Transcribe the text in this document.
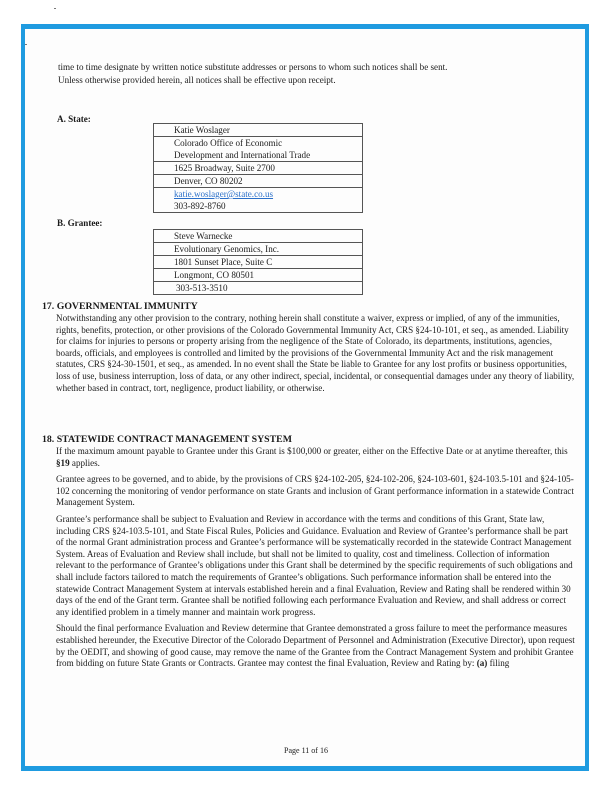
time to time designate by written notice substitute addresses or persons to whom such notices shall be sent.

Unless otherwise provided herein, all notices shall be effective upon receipt.

A. State:
Katie Woslager
Colorado Office of Economic
Development and International Trade
1625 Broadway, Suite 2700
Denver, CO 80202
katie.woslager@state.co.us
303-892-8760
B. Grantee:
Steve Warnecke
Evolutionary Genomics, Inc.
1801 Sunset Place, Suite C
Longmont, CO 80501
303-513-3510
17. GOVERNMENTAL IMMUNITY

Notwithstanding any other provision to the contrary, nothing herein shall constitute a waiver, express or implied, of any of the immunities, rights, benefits, protection, or other provisions of the Colorado Governmental Immunity Act, CRS §24-10-101, et seq., as amended. Liability for claims for injuries to persons or property arising from the negligence of the State of Colorado, its departments, institutions, agencies, boards, officials, and employees is controlled and limited by the provisions of the Governmental Immunity Act and the risk management statutes, CRS §24-30-1501, et seq., as amended. In no event shall the State be liable to Grantee for any lost profits or business opportunities, loss of use, business interruption, loss of data, or any other indirect, special, incidental, or consequential damages under any theory of liability, whether based in contract, tort, negligence, product liability, or otherwise.

18. STATEWIDE CONTRACT MANAGEMENT SYSTEM

If the maximum amount payable to Grantee under this Grant is $100,000 or greater, either on the Effective Date or at anytime thereafter, this §19 applies.

Grantee agrees to be governed, and to abide, by the provisions of CRS §24-102-205, §24-102-206, §24-103-601, §24-103.5-101 and §24-105-102 concerning the monitoring of vendor performance on state Grants and inclusion of Grant performance information in a statewide Contract Management System.

Grantee’s performance shall be subject to Evaluation and Review in accordance with the terms and conditions of this Grant, State law, including CRS §24-103.5-101, and State Fiscal Rules, Policies and Guidance. Evaluation and Review of Grantee’s performance shall be part of the normal Grant administration process and Grantee’s performance will be systematically recorded in the statewide Contract Management System. Areas of Evaluation and Review shall include, but shall not be limited to quality, cost and timeliness. Collection of information relevant to the performance of Grantee’s obligations under this Grant shall be determined by the specific requirements of such obligations and shall include factors tailored to match the requirements of Grantee’s obligations. Such performance information shall be entered into the statewide Contract Management System at intervals established herein and a final Evaluation, Review and Rating shall be rendered within 30 days of the end of the Grant term. Grantee shall be notified following each performance Evaluation and Review, and shall address or correct any identified problem in a timely manner and maintain work progress.

Should the final performance Evaluation and Review determine that Grantee demonstrated a gross failure to meet the performance measures established hereunder, the Executive Director of the Colorado Department of Personnel and Administration (Executive Director), upon request by the OEDIT, and showing of good cause, may remove the name of the Grantee from the Contract Management System and prohibit Grantee from bidding on future State Grants or Contracts. Grantee may contest the final Evaluation, Review and Rating by: (a) filing

Page 11 of 16
